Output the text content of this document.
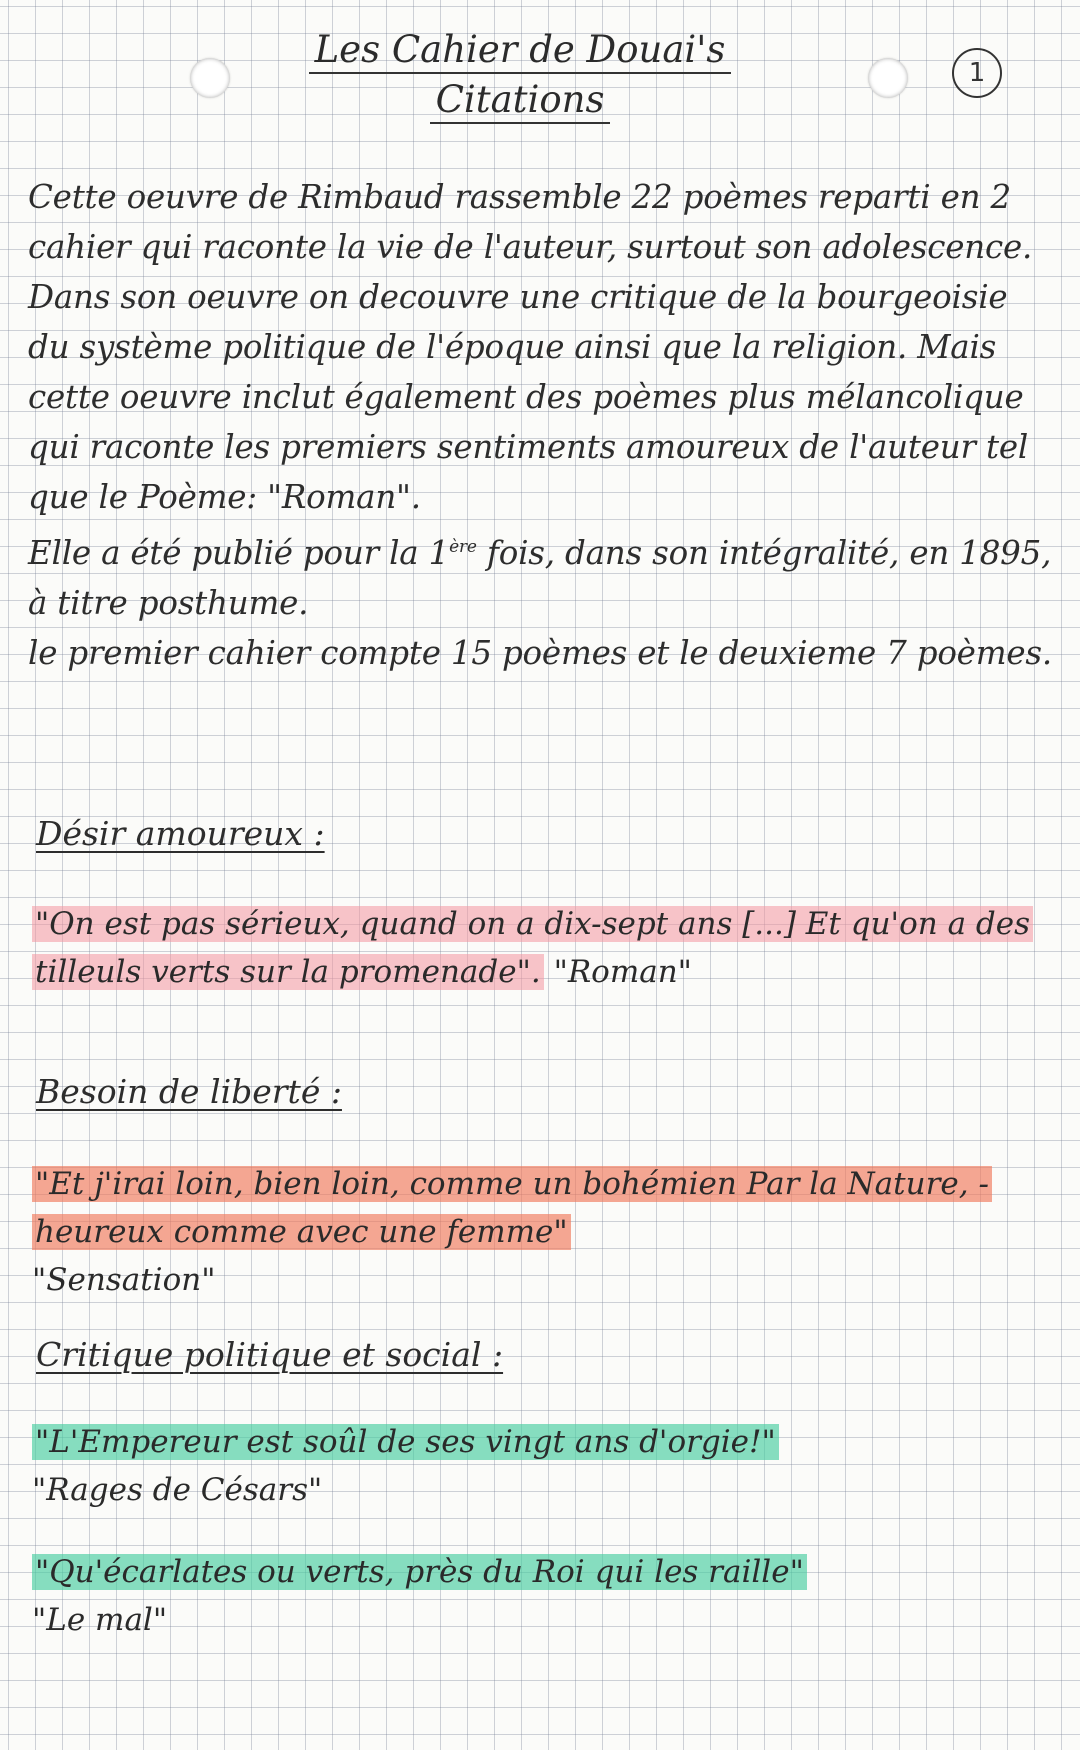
1
Les Cahier de Douai's
Citations

Cette oeuvre de Rimbaud rassemble 22 poèmes reparti en 2 cahier qui raconte la vie de l'auteur, surtout son adolescence. Dans son oeuvre on decouvre une critique de la bourgeoisie du système politique de l'époque ainsi que la religion. Mais cette oeuvre inclut également des poèmes plus mélancolique qui raconte les premiers sentiments amoureux de l'auteur tel que le Poème: "Roman".

Elle a été publié pour la 1ère fois, dans son intégralité, en 1895, à titre posthume.

le premier cahier compte 15 poèmes et le deuxieme 7 poèmes.

Désir amoureux :
"On est pas sérieux, quand on a dix-sept ans [...] Et qu'on a des tilleuls verts sur la promenade". "Roman"
Besoin de liberté :
"Et j'irai loin, bien loin, comme un bohémien Par la Nature, - heureux comme avec une femme"
"Sensation"
Critique politique et social :
"L'Empereur est soûl de ses vingt ans d'orgie!"
"Rages de Césars"
"Qu'écarlates ou verts, près du Roi qui les raille"
"Le mal"
